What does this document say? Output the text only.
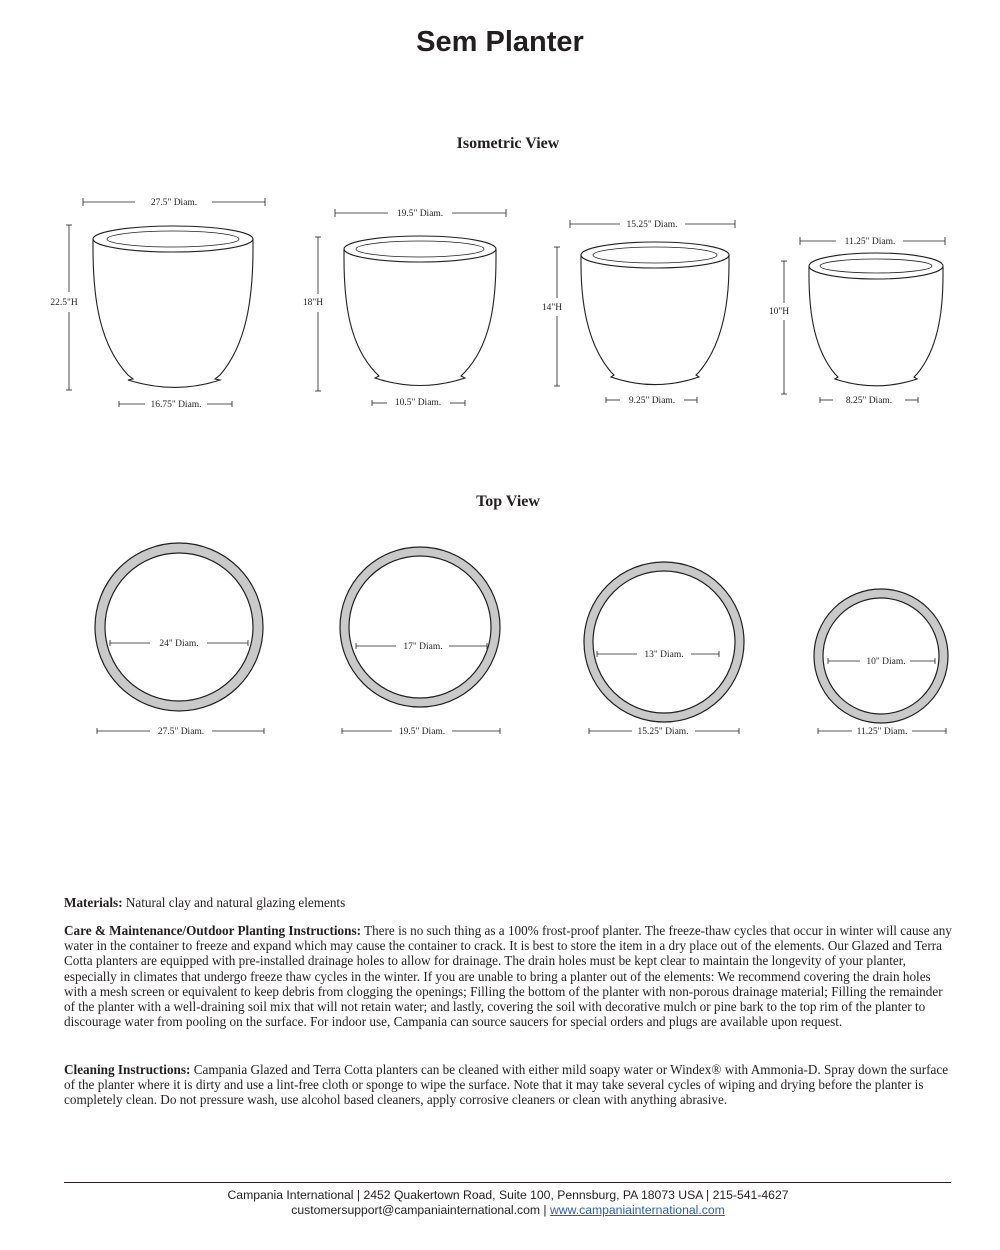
Sem Planter
Isometric View
Top View
27.5" Diam.
22.5"H
16.75" Diam.
19.5" Diam.
18"H
10.5" Diam.
15.25" Diam.
14"H
9.25" Diam.
11.25" Diam.
10"H
8.25" Diam.
24" Diam.
27.5" Diam.
17" Diam.
19.5" Diam.
13" Diam.
15.25" Diam.
10" Diam.
11.25" Diam.
Materials: Natural clay and natural glazing elements
Care & Maintenance/Outdoor Planting Instructions: There is no such thing as a 100% frost-proof planter. The freeze-thaw cycles that occur in winter will cause any water in the container to freeze and expand which may cause the container to crack. It is best to store the item in a dry place out of the elements. Our Glazed and Terra Cotta planters are equipped with pre-installed drainage holes to allow for drainage. The drain holes must be kept clear to maintain the longevity of your planter, especially in climates that undergo freeze thaw cycles in the winter. If you are unable to bring a planter out of the elements: We recommend covering the drain holes with a mesh screen or equivalent to keep debris from clogging the openings; Filling the bottom of the planter with non-porous drainage material; Filling the remainder of the planter with a well-draining soil mix that will not retain water; and lastly, covering the soil with decorative mulch or pine bark to the top rim of the planter to discourage water from pooling on the surface. For indoor use, Campania can source saucers for special orders and plugs are available upon request.
Cleaning Instructions: Campania Glazed and Terra Cotta planters can be cleaned with either mild soapy water or Windex® with Ammonia-D. Spray down the surface of the planter where it is dirty and use a lint-free cloth or sponge to wipe the surface. Note that it may take several cycles of wiping and drying before the planter is completely clean. Do not pressure wash, use alcohol based cleaners, apply corrosive cleaners or clean with anything abrasive.
Campania International | 2452 Quakertown Road, Suite 100, Pennsburg, PA 18073 USA | 215-541-4627
customersupport@campaniainternational.com | www.campaniainternational.com
